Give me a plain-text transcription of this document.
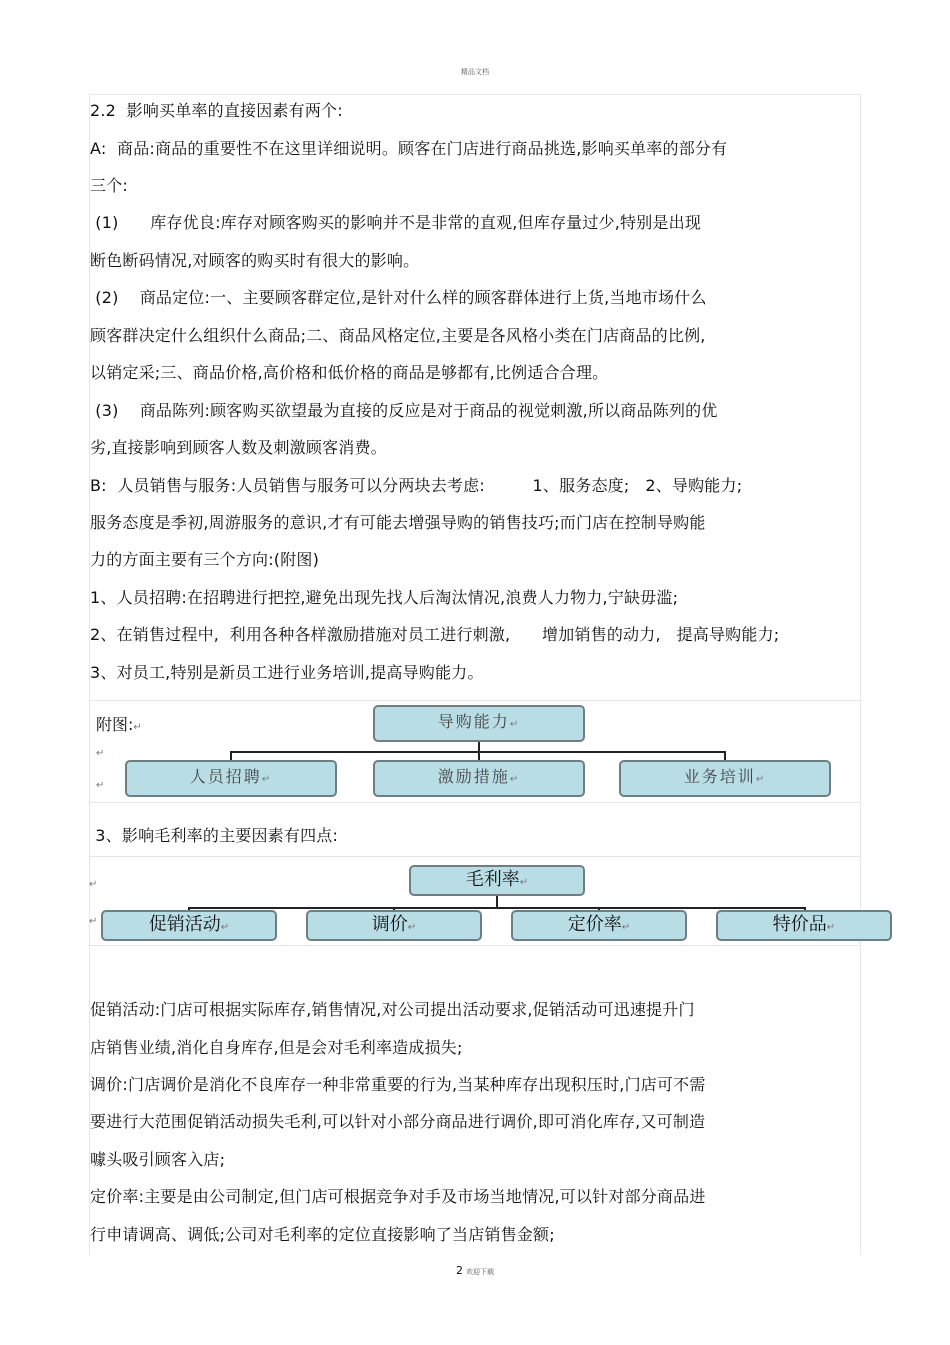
精品文档
2.2  影响买单率的直接因素有两个:
A:  商品:商品的重要性不在这里详细说明。顾客在门店进行商品挑选,影响买单率的部分有
三个:
(1)      库存优良:库存对顾客购买的影响并不是非常的直观,但库存量过少,特别是出现
断色断码情况,对顾客的购买时有很大的影响。
(2)    商品定位:一、主要顾客群定位,是针对什么样的顾客群体进行上货,当地市场什么
顾客群决定什么组织什么商品;二、商品风格定位,主要是各风格小类在门店商品的比例,
以销定采;三、商品价格,高价格和低价格的商品是够都有,比例适合合理。
(3)    商品陈列:顾客购买欲望最为直接的反应是对于商品的视觉刺激,所以商品陈列的优
劣,直接影响到顾客人数及刺激顾客消费。
B:  人员销售与服务:人员销售与服务可以分两块去考虑:         1、服务态度;   2、导购能力;
服务态度是季初,周游服务的意识,才有可能去增强导购的销售技巧;而门店在控制导购能
力的方面主要有三个方向:(附图)
1、人员招聘:在招聘进行把控,避免出现先找人后淘汰情况,浪费人力物力,宁缺毋滥;
2、在销售过程中,  利用各种各样激励措施对员工进行刺激,      增加销售的动力,   提高导购能力;
3、对员工,特别是新员工进行业务培训,提高导购能力。
附图:↵
↵
↵
导购能力↵
人员招聘↵	激励措施↵	业务培训↵
3、影响毛利率的主要因素有四点:
↵
↵
毛利率↵
促销活动↵	调价↵	定价率↵	特价品↵
促销活动:门店可根据实际库存,销售情况,对公司提出活动要求,促销活动可迅速提升门
店销售业绩,消化自身库存,但是会对毛利率造成损失;
调价:门店调价是消化不良库存一种非常重要的行为,当某种库存出现积压时,门店可不需
要进行大范围促销活动损失毛利,可以针对小部分商品进行调价,即可消化库存,又可制造
噱头吸引顾客入店;
定价率:主要是由公司制定,但门店可根据竞争对手及市场当地情况,可以针对部分商品进
行申请调高、调低;公司对毛利率的定位直接影响了当店销售金额;
2 欢迎下载
